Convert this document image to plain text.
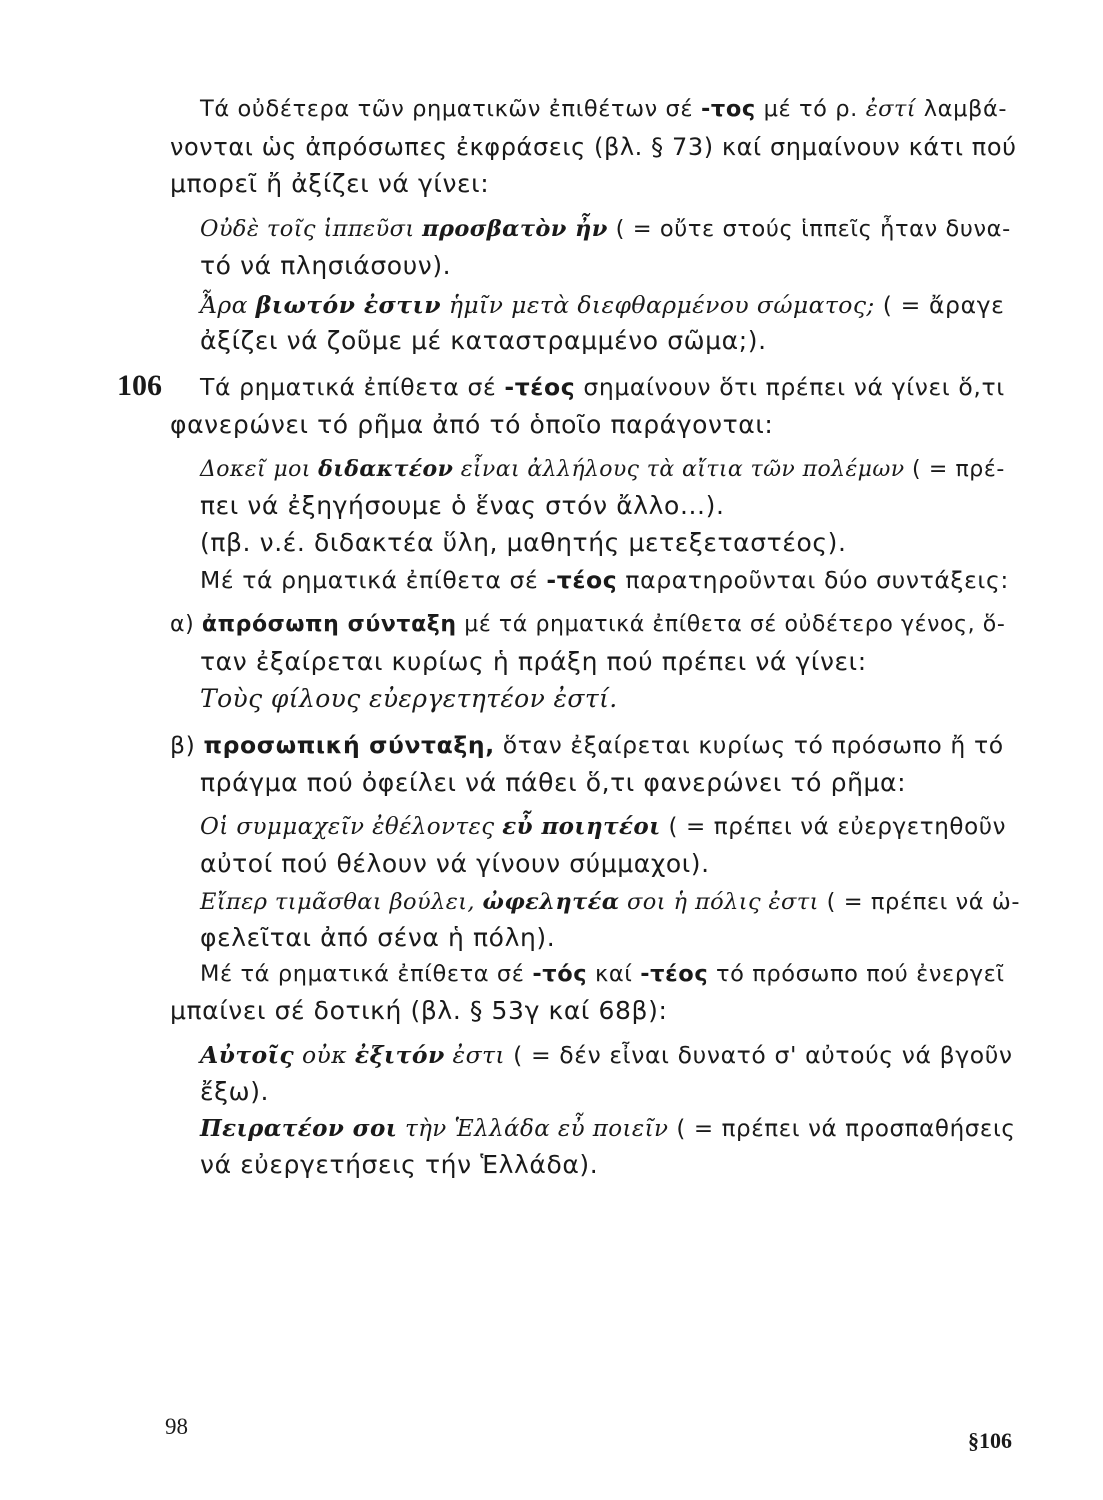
Τά οὐδέτερα τῶν ρηματικῶν ἐπιθέτων σέ -τος μέ τό ρ. ἐστί λαμβά-
νονται ὡς ἀπρόσωπες ἐκφράσεις (βλ. § 73) καί σημαίνουν κάτι πού
μπορεῖ ἤ ἀξίζει νά γίνει:
Οὐδὲ τοῖς ἱππεῦσι προσβατὸν ἦν ( = οὔτε στούς ἱππεῖς ἦταν δυνα-
τό νά πλησιάσουν).
Ἆρα βιωτόν ἐστιν ἡμῖν μετὰ διεφθαρμένου σώματος; ( = ἄραγε
ἀξίζει νά ζοῦμε μέ καταστραμμένο σῶμα;).
106 Τά ρηματικά ἐπίθετα σέ -τέος σημαίνουν ὅτι πρέπει νά γίνει ὅ,τι
φανερώνει τό ρῆμα ἀπό τό ὁποῖο παράγονται:
Δοκεῖ μοι διδακτέον εἶναι ἀλλήλους τὰ αἴτια τῶν πολέμων ( = πρέ-
πει νά ἐξηγήσουμε ὁ ἕνας στόν ἄλλο...).
(πβ. ν.έ. διδακτέα ὕλη, μαθητής μετεξεταστέος).
Μέ τά ρηματικά ἐπίθετα σέ -τέος παρατηροῦνται δύο συντάξεις:
α) ἀπρόσωπη σύνταξη μέ τά ρηματικά ἐπίθετα σέ οὐδέτερο γένος, ὅ-
ταν ἐξαίρεται κυρίως ἡ πράξη πού πρέπει νά γίνει:
Τοὺς φίλους εὐεργετητέον ἐστί.
β) προσωπική σύνταξη, ὅταν ἐξαίρεται κυρίως τό πρόσωπο ἤ τό
πράγμα πού ὀφείλει νά πάθει ὅ,τι φανερώνει τό ρῆμα:
Οἱ συμμαχεῖν ἐθέλοντες εὖ ποιητέοι ( = πρέπει νά εὐεργετηθοῦν
αὐτοί πού θέλουν νά γίνουν σύμμαχοι).
Εἴπερ τιμᾶσθαι βούλει, ὠφελητέα σοι ἡ πόλις ἐστι ( = πρέπει νά ὠ-
φελεῖται ἀπό σένα ἡ πόλη).
Μέ τά ρηματικά ἐπίθετα σέ -τός καί -τέος τό πρόσωπο πού ἐνεργεῖ
μπαίνει σέ δοτική (βλ. § 53γ καί 68β):
Αὐτοῖς οὐκ ἐξιτόν ἐστι ( = δέν εἶναι δυνατό σ' αὐτούς νά βγοῦν
ἔξω).
Πειρατέον σοι τὴν Ἑλλάδα εὖ ποιεῖν ( = πρέπει νά προσπαθήσεις
νά εὐεργετήσεις τήν Ἑλλάδα).
98
§106
